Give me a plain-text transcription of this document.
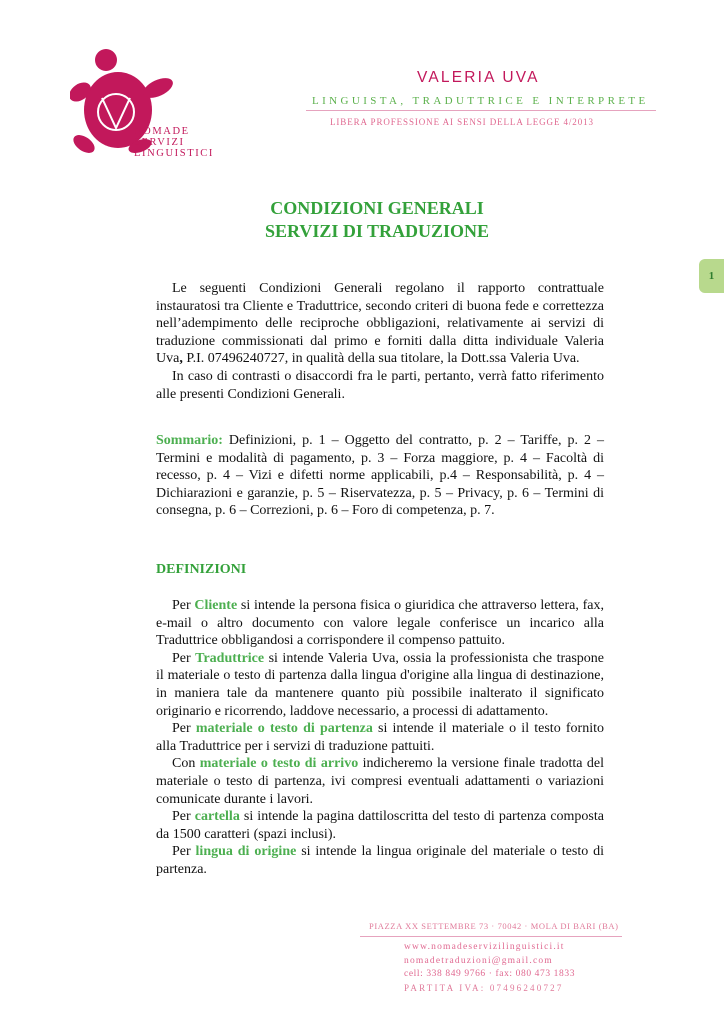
NOMADE
SERVIZI
LINGUISTICI
VALERIA UVA
LINGUISTA, TRADUTTRICE E INTERPRETE
LIBERA PROFESSIONE AI SENSI DELLA LEGGE 4/2013
CONDIZIONI GENERALI
SERVIZI DI TRADUZIONE
1

Le seguenti Condizioni Generali regolano il rapporto contrattuale instauratosi tra Cliente e Traduttrice, secondo criteri di buona fede e correttezza nell’adempimento delle reciproche obbligazioni, relativamente ai servizi di traduzione commissionati dal primo e forniti dalla ditta individuale Valeria Uva, P.I. 07496240727, in qualità della sua titolare, la Dott.ssa Valeria Uva.

In caso di contrasti o disaccordi fra le parti, pertanto, verrà fatto riferimento alle presenti Condizioni Generali.

Sommario: Definizioni, p. 1 – Oggetto del contratto, p. 2 – Tariffe, p. 2 – Termini e modalità di pagamento, p. 3 – Forza maggiore, p. 4 – Facoltà di recesso, p. 4 – Vizi e difetti norme applicabili, p.4 – Responsabilità, p. 4 – Dichiarazioni e garanzie, p. 5 – Riservatezza, p. 5 – Privacy, p. 6 – Termini di consegna, p. 6 – Correzioni, p. 6 – Foro di competenza, p. 7.

DEFINIZIONI

Per Cliente si intende la persona fisica o giuridica che attraverso lettera, fax, e-mail o altro documento con valore legale conferisce un incarico alla Traduttrice obbligandosi a corrispondere il compenso pattuito.

Per Traduttrice si intende Valeria Uva, ossia la professionista che traspone il materiale o testo di partenza dalla lingua d'origine alla lingua di destinazione, in maniera tale da mantenere quanto più possibile inalterato il significato originario e ricorrendo, laddove necessario, a processi di adattamento.

Per materiale o testo di partenza si intende il materiale o il testo fornito alla Traduttrice per i servizi di traduzione pattuiti.

Con materiale o testo di arrivo indicheremo la versione finale tradotta del materiale o testo di partenza, ivi compresi eventuali adattamenti o variazioni comunicate durante i lavori.

Per cartella si intende la pagina dattiloscritta del testo di partenza composta da 1500 caratteri (spazi inclusi).

Per lingua di origine si intende la lingua originale del materiale o testo di partenza.

PIAZZA XX SETTEMBRE 73 · 70042 · MOLA DI BARI (BA)
www.nomadeservizilinguistici.it
nomadetraduzioni@gmail.com
cell: 338 849 9766 · fax: 080 473 1833
PARTITA IVA: 07496240727
